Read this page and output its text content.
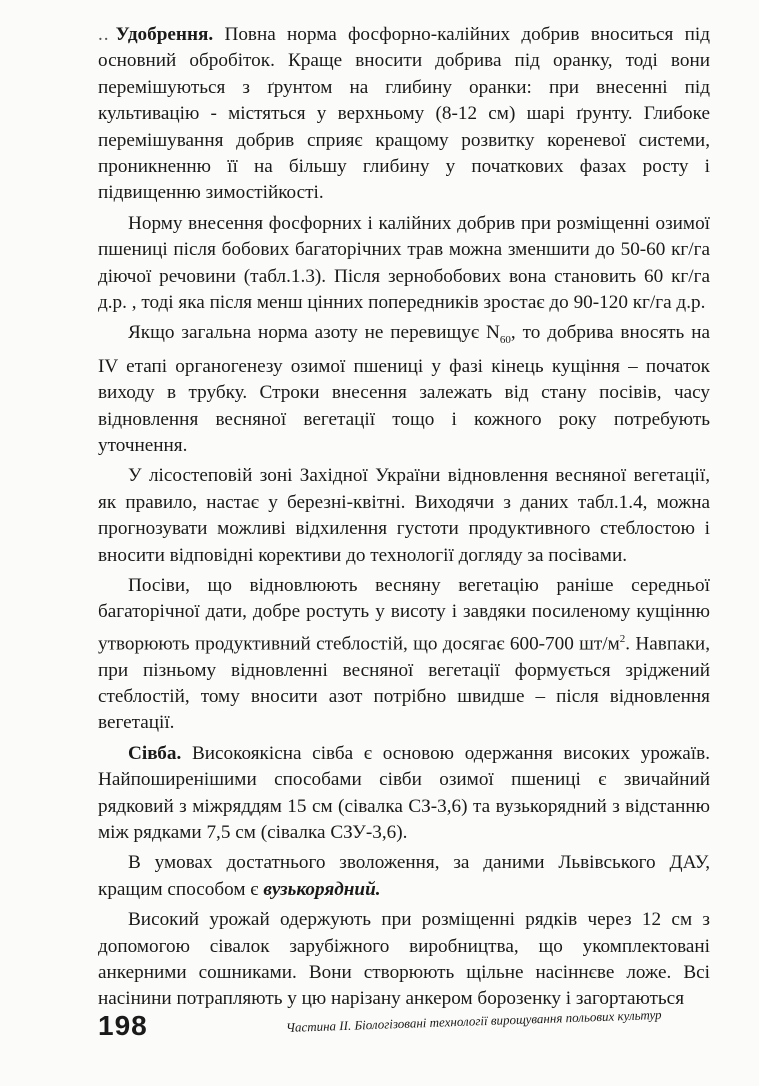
.. Удобрення. Повна норма фосфорно-калійних добрив вноситься під основний обробіток. Краще вносити добрива під оранку, тоді вони перемішуються з ґрунтом на глибину оранки: при внесенні під культивацію - містяться у верхньому (8-12 см) шарі ґрунту. Глибоке перемішування добрив сприяє кращому розвитку кореневої системи, проникненню її на більшу глибину у початкових фазах росту і підвищенню зимостійкості.

Норму внесення фосфорних і калійних добрив при розміщенні озимої пшениці після бобових багаторічних трав можна зменшити до 50-60 кг/га діючої речовини (табл.1.3). Після зернобобових вона становить 60 кг/га д.р. , тоді яка після менш цінних попередників зростає до 90-120 кг/га д.р.

Якщо загальна норма азоту не перевищує $N_{60}$, то добрива вносять на IV етапі органогенезу озимої пшениці у фазі кінець кущіння – початок виходу в трубку. Строки внесення залежать від стану посівів, часу відновлення весняної вегетації тощо і кожного року потребують уточнення.

У лісостеповій зоні Західної України відновлення весняної вегетації, як правило, настає у березні-квітні. Виходячи з даних табл.1.4, можна прогнозувати можливі відхилення густоти продуктивного стеблостою і вносити відповідні корективи до технології догляду за посівами.

Посіви, що відновлюють весняну вегетацію раніше середньої багаторічної дати, добре ростуть у висоту і завдяки посиленому кущінню утворюють продуктивний стеблостій, що досягає 600-700 $шт/м^2$. Навпаки, при пізньому відновленні весняної вегетації формується зріджений стеблостій, тому вносити азот потрібно швидше – після відновлення вегетації.

Сівба. Високоякісна сівба є основою одержання високих урожаїв. Найпоширенішими способами сівби озимої пшениці є звичайний рядковий з міжряддям 15 см (сівалка СЗ-3,6) та вузькорядний з відстанню між рядками 7,5 см (сівалка СЗУ-3,6).

В умовах достатнього зволоження, за даними Львівського ДАУ, кращим способом є вузькорядний.

Високий урожай одержують при розміщенні рядків через 12 см з допомогою сівалок зарубіжного виробництва, що укомплектовані анкерними сошниками. Вони створюють щільне насіннєве ложе. Всі насінини потрапляють у цю нарізану анкером борозенку і загортаються

198	Частина II. Біологізовані технології вирощування польових культур
